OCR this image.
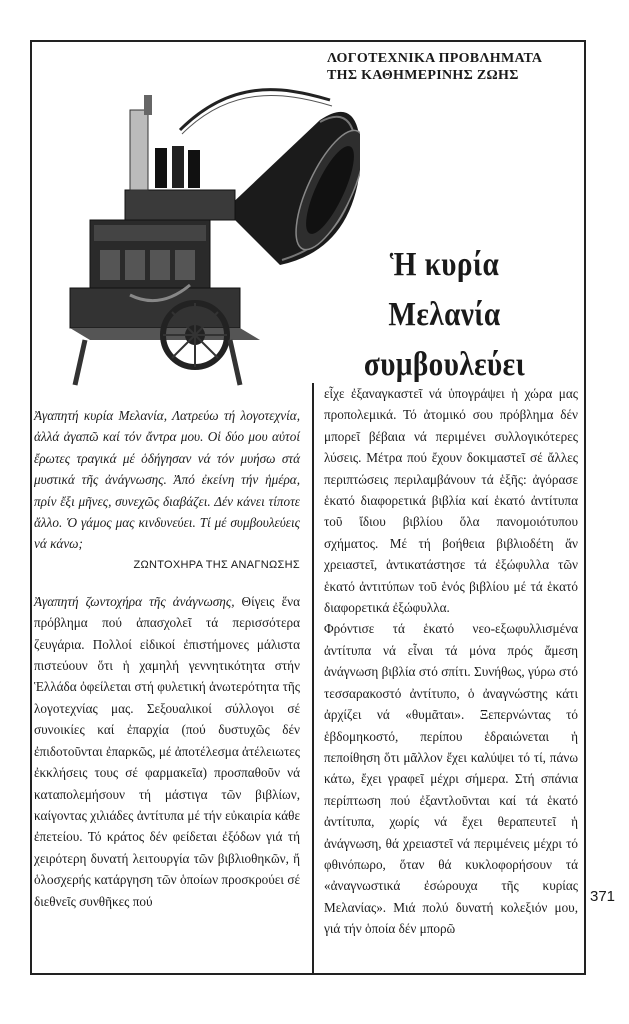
ΛΟΓΟΤΕΧΝΙΚΑ ΠΡΟΒΛΗΜΑΤΑ
ΤΗΣ ΚΑΘΗΜΕΡΙΝΗΣ ΖΩΗΣ
Ἡ κυρία Μελανία
συμβουλεύει

Ἀγαπητή κυρία Μελανία, Λατρεύω τή λογοτεχνία, ἀλλά ἀγαπῶ καί τόν ἄντρα μου. Οἱ δύο μου αὐτοί ἔρωτες τραγικά μέ ὁδήγησαν νά τόν μυήσω στά μυστικά τῆς ἀνάγνωσης. Ἀπό ἐκείνη τήν ἡμέρα, πρίν ἔξι μῆνες, συνεχῶς διαβάζει. Δέν κάνει τίποτε ἄλλο. Ὁ γάμος μας κινδυνεύει. Τί μέ συμβουλεύεις νά κάνω;

ΖΩΝΤΟΧΗΡΑ ΤΗΣ ΑΝΑΓΝΩΣΗΣ

Ἀγαπητή ζωντοχήρα τῆς ἀνάγνωσης, Θίγεις ἕνα πρόβλημα πού ἀπασχολεῖ τά περισσότερα ζευγάρια. Πολλοί εἰδικοί ἐπιστήμονες μάλιστα πιστεύουν ὅτι ἡ χαμηλή γεννητικότητα στήν Ἑλλάδα ὀφείλεται στή φυλετική ἀνωτερότητα τῆς λογοτεχνίας μας. Σεξουαλικοί σύλλογοι σέ συνοικίες καί ἐπαρχία (πού δυστυχῶς δέν ἐπιδοτοῦνται ἐπαρκῶς, μέ ἀποτέλεσμα ἀτέλειωτες ἐκκλήσεις τους σέ φαρμακεῖα) προσπαθοῦν νά καταπολεμήσουν τή μάστιγα τῶν βιβλίων, καίγοντας χιλιάδες ἀντίτυπα μέ τήν εὐκαιρία κάθε ἐπετείου. Τό κράτος δέν φείδεται ἐξόδων γιά τή χειρότερη δυνατή λειτουργία τῶν βιβλιοθηκῶν, ἤ ὁλοσχερής κατάργηση τῶν ὁποίων προσκρούει σέ διεθνεῖς συνθῆκες πού

εἶχε ἐξαναγκαστεῖ νά ὑπογράψει ἡ χώρα μας προπολεμικά. Τό ἀτομικό σου πρόβλημα δέν μπορεῖ βέβαια νά περιμένει συλλογικότερες λύσεις. Μέτρα πού ἔχουν δοκιμαστεῖ σέ ἄλλες περιπτώσεις περιλαμβάνουν τά ἑξῆς: ἀγόρασε ἑκατό διαφορετικά βιβλία καί ἑκατό ἀντίτυπα τοῦ ἴδιου βιβλίου ὅλα πανομοιότυπου σχήματος. Μέ τή βοήθεια βιβλιοδέτη ἄν χρειαστεῖ, ἀντικατάστησε τά ἐξώφυλλα τῶν ἑκατό ἀντιτύπων τοῦ ἑνός βιβλίου μέ τά ἑκατό διαφορετικά ἐξώφυλλα.

Φρόντισε τά ἑκατό νεο-εξωφυλλισμένα ἀντίτυπα νά εἶναι τά μόνα πρός ἄμεση ἀνάγνωση βιβλία στό σπίτι. Συνήθως, γύρω στό τεσσαρακοστό ἀντίτυπο, ὁ ἀναγνώστης κάτι ἀρχίζει νά «θυμᾶται». Ξεπερνώντας τό ἑβδομηκοστό, περίπου ἑδραιώνεται ἡ πεποίθηση ὅτι μᾶλλον ἔχει καλύψει τό τί, πάνω κάτω, ἔχει γραφεῖ μέχρι σήμερα. Στή σπάνια περίπτωση πού ἐξαντλοῦνται καί τά ἑκατό ἀντίτυπα, χωρίς νά ἔχει θεραπευτεῖ ἡ ἀνάγνωση, θά χρειαστεῖ νά περιμένεις μέχρι τό φθινόπωρο, ὅταν θά κυκλοφορήσουν τά «ἀναγνωστικά ἐσώρουχα τῆς κυρίας Μελανίας». Μιά πολύ δυνατή κολεξιόν μου, γιά τήν ὁποία δέν μπορῶ

371
